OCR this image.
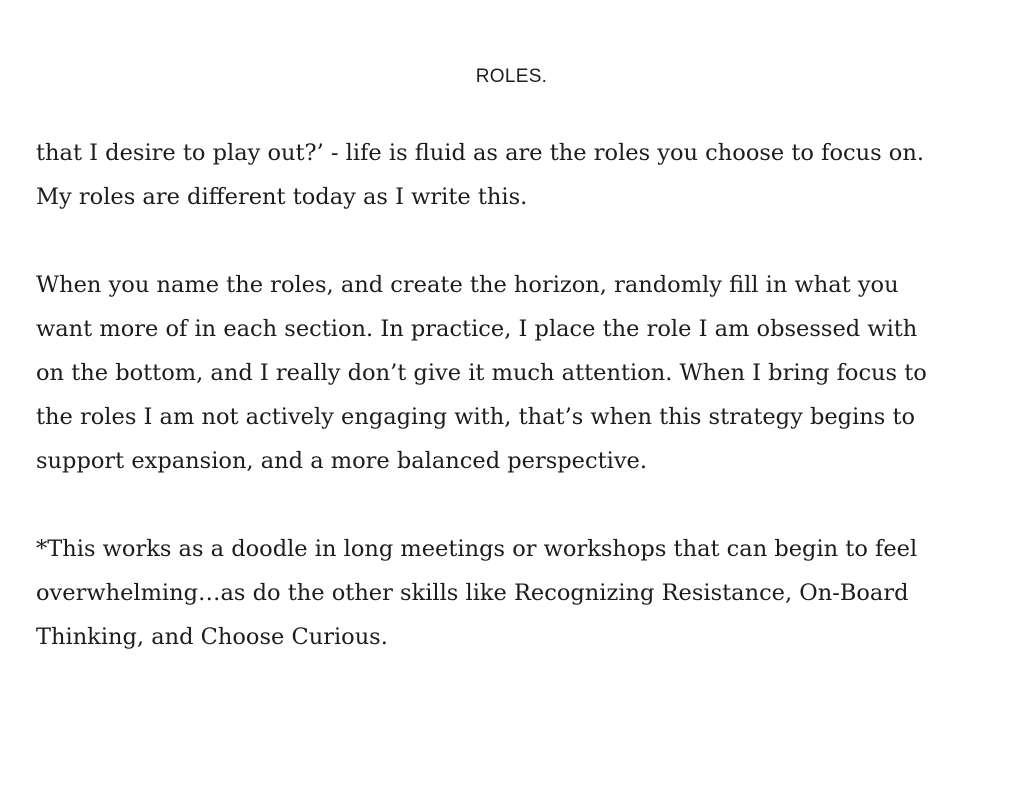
ROLES.

that I desire to play out?’ - life is fluid as are the roles you choose to focus on.
My roles are different today as I write this.

When you name the roles, and create the horizon, randomly fill in what you
want more of in each section. In practice, I place the role I am obsessed with
on the bottom, and I really don’t give it much attention. When I bring focus to
the roles I am not actively engaging with, that’s when this strategy begins to
support expansion, and a more balanced perspective.

*This works as a doodle in long meetings or workshops that can begin to feel
overwhelming…as do the other skills like Recognizing Resistance, On-Board
Thinking, and Choose Curious.
